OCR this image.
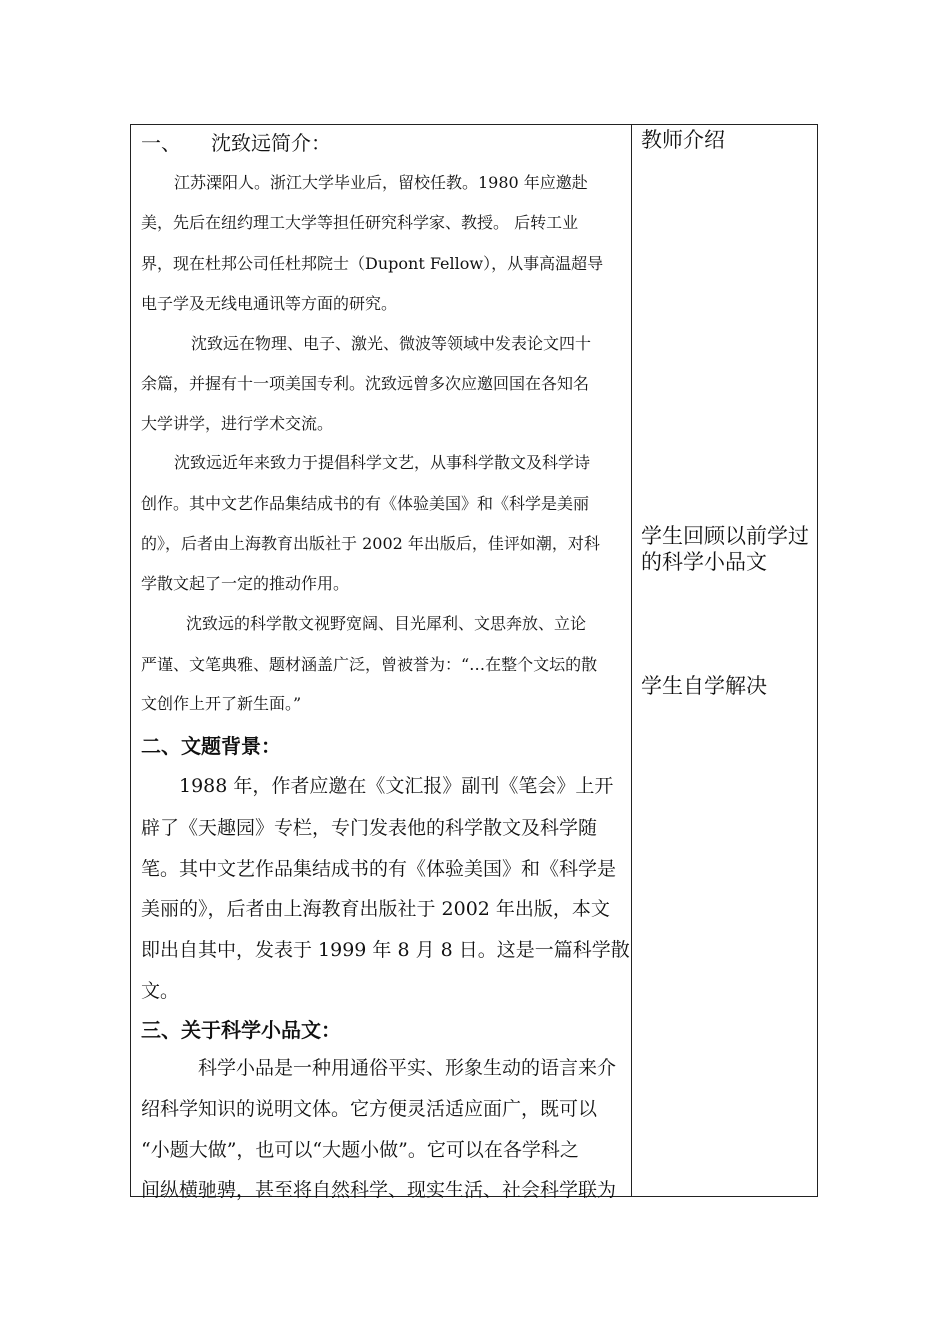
一、 沈致远简介：
江苏溧阳人。浙江大学毕业后，留校任教。1980 年应邀赴
美，先后在纽约理工大学等担任研究科学家、教授。 后转工业
界，现在杜邦公司任杜邦院士（Dupont Fellow），从事高温超导
电子学及无线电通讯等方面的研究。
沈致远在物理、电子、激光、微波等领域中发表论文四十
余篇，并握有十一项美国专利。沈致远曾多次应邀回国在各知名
大学讲学，进行学术交流。
沈致远近年来致力于提倡科学文艺，从事科学散文及科学诗
创作。其中文艺作品集结成书的有《体验美国》和《科学是美丽
的》，后者由上海教育出版社于 2002 年出版后，佳评如潮，对科
学散文起了一定的推动作用。
沈致远的科学散文视野宽阔、目光犀利、文思奔放、立论
严谨、文笔典雅、题材涵盖广泛，曾被誉为：“…在整个文坛的散
文创作上开了新生面。”
二、文题背景：
1988 年，作者应邀在《文汇报》副刊《笔会》上开
辟了《天趣园》专栏，专门发表他的科学散文及科学随
笔。其中文艺作品集结成书的有《体验美国》和《科学是
美丽的》，后者由上海教育出版社于 2002 年出版，本文
即出自其中，发表于 1999 年 8 月 8 日。这是一篇科学散
文。
三、关于科学小品文：
科学小品是一种用通俗平实、形象生动的语言来介
绍科学知识的说明文体。它方便灵活适应面广，既可以
“小题大做”，也可以“大题小做”。它可以在各学科之
间纵横驰骋，甚至将自然科学、现实生活、社会科学联为
教师介绍
学生回顾以前学过的科学小品文
学生自学解决
